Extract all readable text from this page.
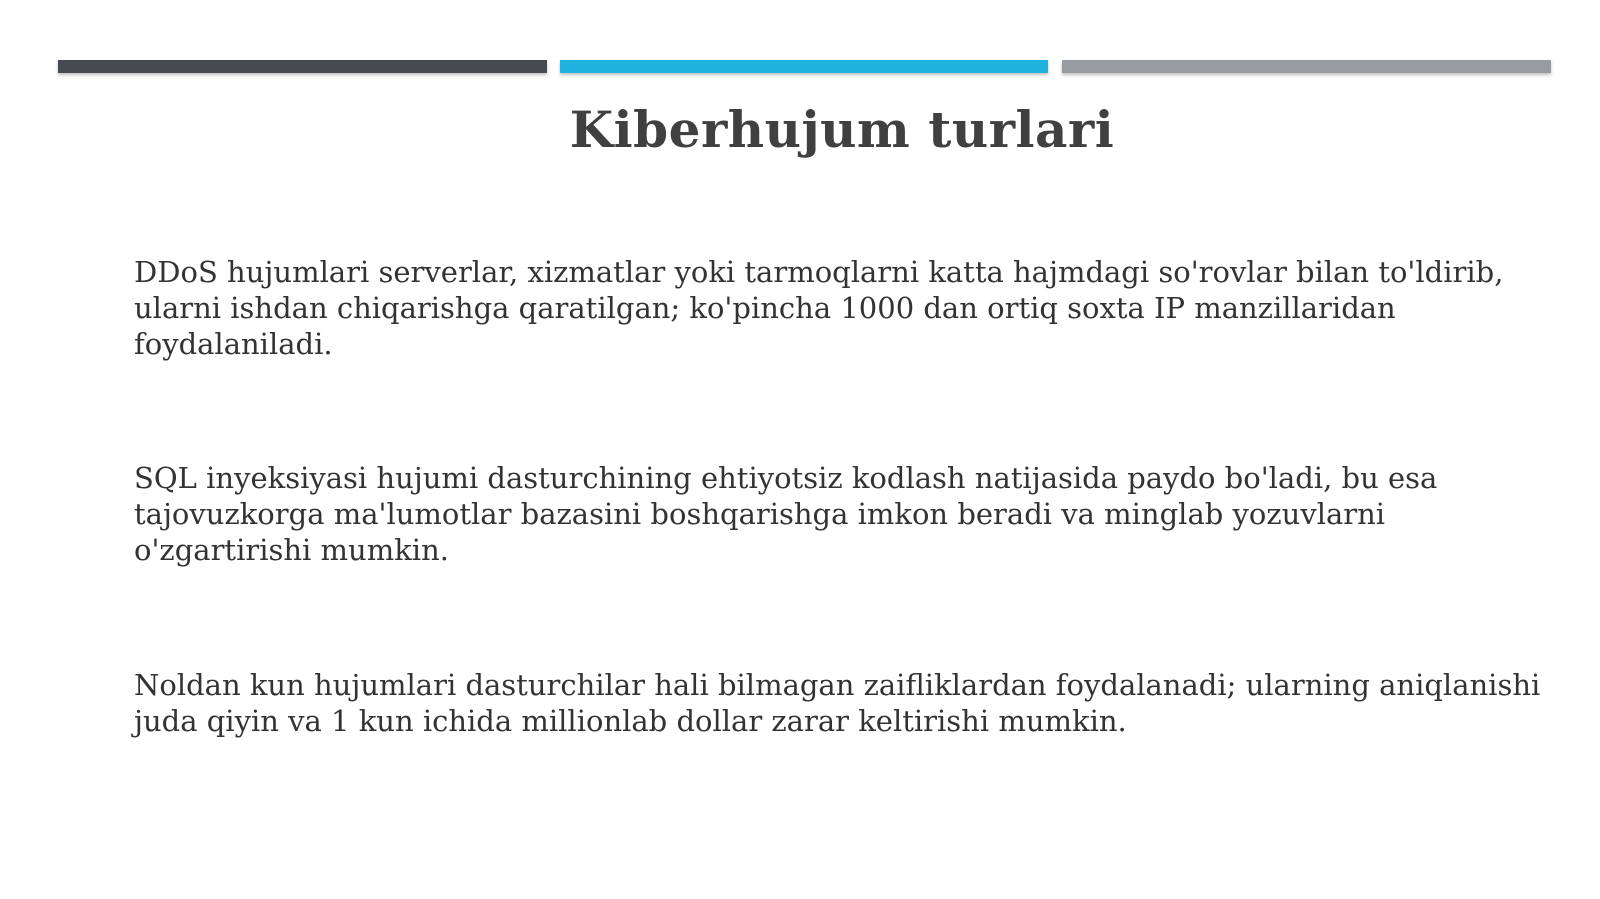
Kiberhujum turlari

DDoS hujumlari serverlar, xizmatlar yoki tarmoqlarni katta hajmdagi so'rovlar bilan to'ldirib, ularni ishdan chiqarishga qaratilgan; ko'pincha 1000 dan ortiq soxta IP manzillaridan foydalaniladi.

SQL inyeksiyasi hujumi dasturchining ehtiyotsiz kodlash natijasida paydo bo'ladi, bu esa tajovuzkorga ma'lumotlar bazasini boshqarishga imkon beradi va minglab yozuvlarni o'zgartirishi mumkin.

Noldan kun hujumlari dasturchilar hali bilmagan zaifliklardan foydalanadi; ularning aniqlanishi juda qiyin va 1 kun ichida millionlab dollar zarar keltirishi mumkin.
